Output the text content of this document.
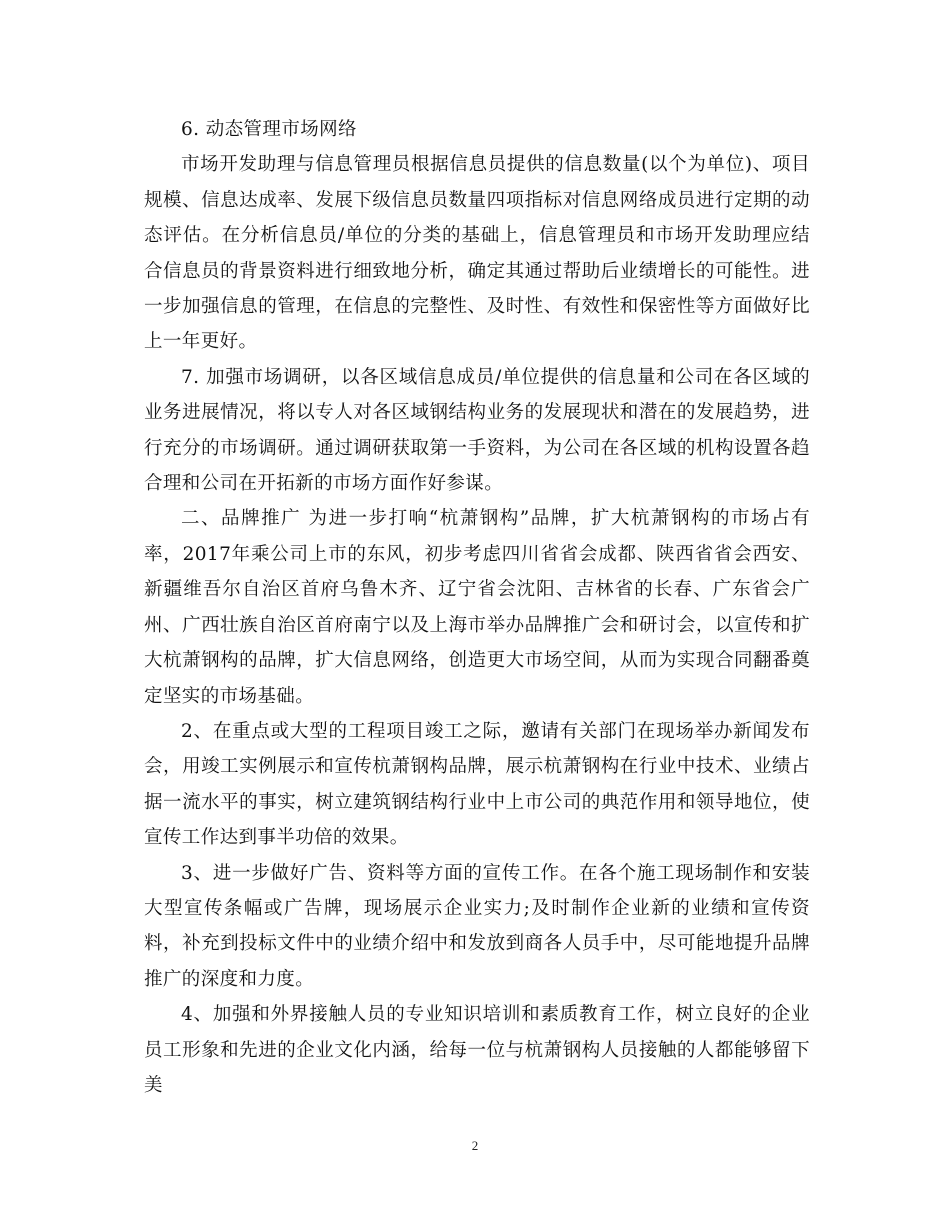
6. 动态管理市场网络

市场开发助理与信息管理员根据信息员提供的信息数量(以个为单位)、项目规模、信息达成率、发展下级信息员数量四项指标对信息网络成员进行定期的动态评估。在分析信息员/单位的分类的基础上，信息管理员和市场开发助理应结合信息员的背景资料进行细致地分析，确定其通过帮助后业绩增长的可能性。进一步加强信息的管理，在信息的完整性、及时性、有效性和保密性等方面做好比上一年更好。

7. 加强市场调研，以各区域信息成员/单位提供的信息量和公司在各区域的业务进展情况，将以专人对各区域钢结构业务的发展现状和潜在的发展趋势，进行充分的市场调研。通过调研获取第一手资料，为公司在各区域的机构设置各趋合理和公司在开拓新的市场方面作好参谋。

二、品牌推广 为进一步打响“杭萧钢构”品牌，扩大杭萧钢构的市场占有率，2017年乘公司上市的东风，初步考虑四川省省会成都、陕西省省会西安、新疆维吾尔自治区首府乌鲁木齐、辽宁省会沈阳、吉林省的长春、广东省会广州、广西壮族自治区首府南宁以及上海市举办品牌推广会和研讨会，以宣传和扩大杭萧钢构的品牌，扩大信息网络，创造更大市场空间，从而为实现合同翻番奠定坚实的市场基础。

2、在重点或大型的工程项目竣工之际，邀请有关部门在现场举办新闻发布会，用竣工实例展示和宣传杭萧钢构品牌，展示杭萧钢构在行业中技术、业绩占据一流水平的事实，树立建筑钢结构行业中上市公司的典范作用和领导地位，使宣传工作达到事半功倍的效果。

3、进一步做好广告、资料等方面的宣传工作。在各个施工现场制作和安装大型宣传条幅或广告牌，现场展示企业实力;及时制作企业新的业绩和宣传资料，补充到投标文件中的业绩介绍中和发放到商各人员手中，尽可能地提升品牌推广的深度和力度。

4、加强和外界接触人员的专业知识培训和素质教育工作，树立良好的企业员工形象和先进的企业文化内涵，给每一位与杭萧钢构人员接触的人都能够留下美

2
